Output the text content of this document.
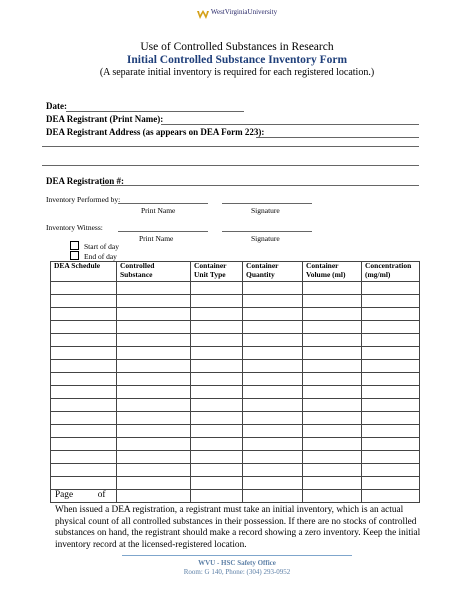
WestVirginiaUniversity
Use of Controlled Substances in Research
Initial Controlled Substance Inventory Form
(A separate initial inventory is required for each registered location.)
Date:
DEA Registrant (Print Name):
DEA Registrant Address (as appears on DEA Form 223):
DEA Registration #:
Inventory Performed by:
Print Name	Signature
Inventory Witness:
Print Name	Signature
Start of day
End of day
DEA Schedule	Controlled Substance	Container Unit Type	Container Quantity	Container Volume (ml)	Concentration (mg/ml)

Page	of
When issued a DEA registration, a registrant must take an initial inventory, which is an actual physical count of all controlled substances in their possession. If there are no stocks of controlled substances on hand, the registrant should make a record showing a zero inventory. Keep the initial inventory record at the licensed-registered location.
WVU - HSC Safety Office
Room: G 140, Phone: (304) 293-0952
